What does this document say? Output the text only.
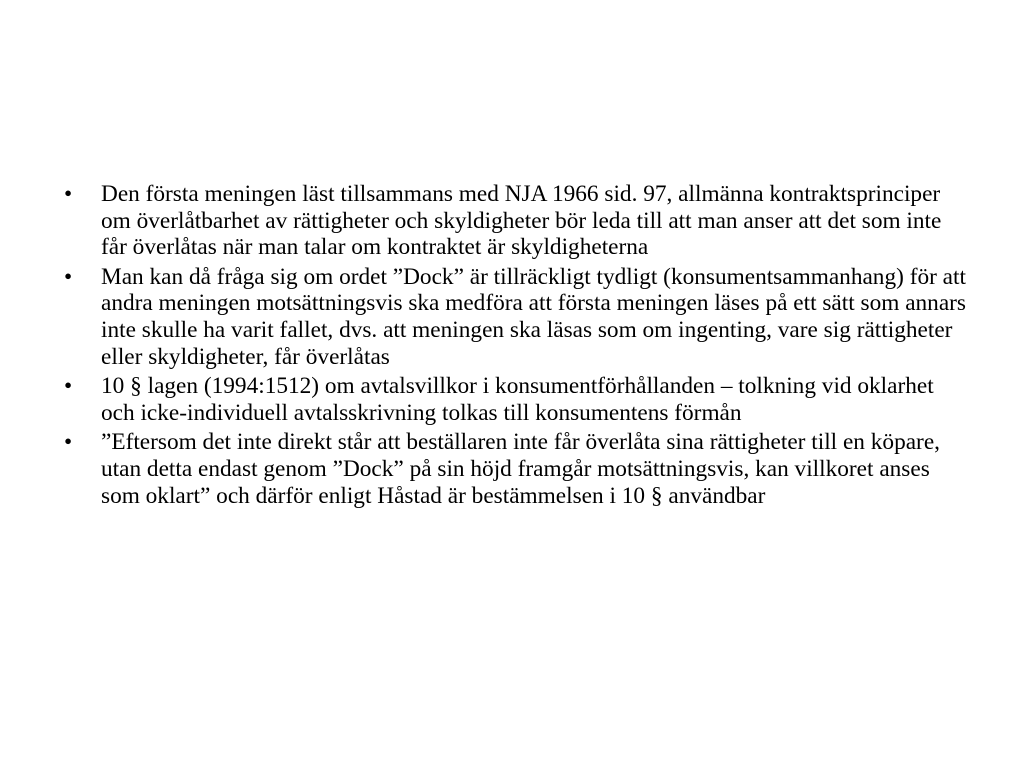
•	Den första meningen läst tillsammans med NJA 1966 sid. 97, allmänna kontraktsprinciper om överlåtbarhet av rättigheter och skyldigheter bör leda till att man anser att det som inte får överlåtas när man talar om kontraktet är skyldigheterna
•	Man kan då fråga sig om ordet ”Dock” är tillräckligt tydligt (konsumentsammanhang) för att andra meningen motsättningsvis ska medföra att första meningen läses på ett sätt som annars inte skulle ha varit fallet, dvs. att meningen ska läsas som om ingenting, vare sig rättigheter eller skyldigheter, får överlåtas
•	10 § lagen (1994:1512) om avtalsvillkor i konsumentförhållanden – tolkning vid oklarhet och icke-individuell avtalsskrivning tolkas till konsumentens förmån
•	”Eftersom det inte direkt står att beställaren inte får överlåta sina rättigheter till en köpare, utan detta endast genom ”Dock” på sin höjd framgår motsättningsvis, kan villkoret anses som oklart” och därför enligt Håstad är bestämmelsen i 10 § användbar
